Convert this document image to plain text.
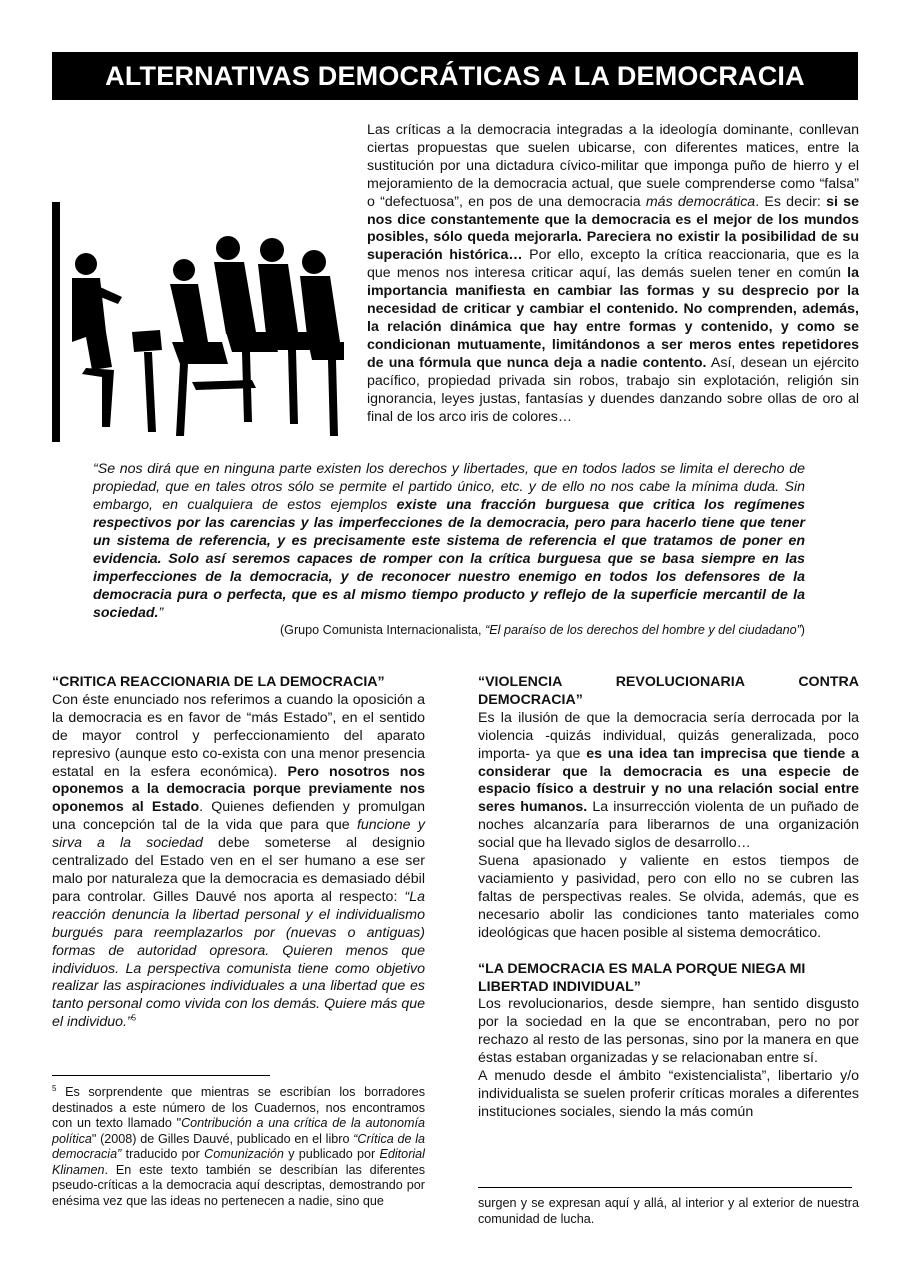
ALTERNATIVAS DEMOCRÁTICAS A LA DEMOCRACIA

Las críticas a la democracia integradas a la ideología dominante, conllevan ciertas propuestas que suelen ubicarse, con diferentes matices, entre la sustitución por una dictadura cívico-militar que imponga puño de hierro y el mejoramiento de la democracia actual, que suele comprenderse como “falsa” o “defectuosa”, en pos de una democracia más democrática. Es decir: si se nos dice constantemente que la democracia es el mejor de los mundos posibles, sólo queda mejorarla. Pareciera no existir la posibilidad de su superación histórica… Por ello, excepto la crítica reaccionaria, que es la que menos nos interesa criticar aquí, las demás suelen tener en común la importancia manifiesta en cambiar las formas y su desprecio por la necesidad de criticar y cambiar el contenido. No comprenden, además, la relación dinámica que hay entre formas y contenido, y como se condicionan mutuamente, limitándonos a ser meros entes repetidores de una fórmula que nunca deja a nadie contento. Así, desean un ejército pacífico, propiedad privada sin robos, trabajo sin explotación, religión sin ignorancia, leyes justas, fantasías y duendes danzando sobre ollas de oro al final de los arco iris de colores…

“Se nos dirá que en ninguna parte existen los derechos y libertades, que en todos lados se limita el derecho de propiedad, que en tales otros sólo se permite el partido único, etc. y de ello no nos cabe la mínima duda. Sin embargo, en cualquiera de estos ejemplos existe una fracción burguesa que critica los regímenes respectivos por las carencias y las imperfecciones de la democracia, pero para hacerlo tiene que tener un sistema de referencia, y es precisamente este sistema de referencia el que tratamos de poner en evidencia. Solo así seremos capaces de romper con la crítica burguesa que se basa siempre en las imperfecciones de la democracia, y de reconocer nuestro enemigo en todos los defensores de la democracia pura o perfecta, que es al mismo tiempo producto y reflejo de la superficie mercantil de la sociedad.”

(Grupo Comunista Internacionalista, “El paraíso de los derechos del hombre y del ciudadano”)

“CRITICA REACCIONARIA DE LA DEMOCRACIA”

Con éste enunciado nos referimos a cuando la oposición a la democracia es en favor de “más Estado”, en el sentido de mayor control y perfeccionamiento del aparato represivo (aunque esto co-exista con una menor presencia estatal en la esfera económica). Pero nosotros nos oponemos a la democracia porque previamente nos oponemos al Estado. Quienes defienden y promulgan una concepción tal de la vida que para que funcione y sirva a la sociedad debe someterse al designio centralizado del Estado ven en el ser humano a ese ser malo por naturaleza que la democracia es demasiado débil para controlar. Gilles Dauvé nos aporta al respecto: “La reacción denuncia la libertad personal y el individualismo burgués para reemplazarlos por (nuevas o antiguas) formas de autoridad opresora. Quieren menos que individuos. La perspectiva comunista tiene como objetivo realizar las aspiraciones individuales a una libertad que es tanto personal como vivida con los demás. Quiere más que el individuo.”$^5$

$^5$ Es sorprendente que mientras se escribían los borradores destinados a este número de los Cuadernos, nos encontramos con un texto llamado "Contribución a una crítica de la autonomía política" (2008) de Gilles Dauvé, publicado en el libro “Crítica de la democracia” traducido por Comunización y publicado por Editorial Klinamen. En este texto también se describían las diferentes pseudo-críticas a la democracia aquí descriptas, demostrando por enésima vez que las ideas no pertenecen a nadie, sino que

“VIOLENCIA	REVOLUCIONARIA	CONTRA
DEMOCRACIA”

Es la ilusión de que la democracia sería derrocada por la violencia -quizás individual, quizás generalizada, poco importa- ya que es una idea tan imprecisa que tiende a considerar que la democracia es una especie de espacio físico a destruir y no una relación social entre seres humanos. La insurrección violenta de un puñado de noches alcanzaría para liberarnos de una organización social que ha llevado siglos de desarrollo…

Suena apasionado y valiente en estos tiempos de vaciamiento y pasividad, pero con ello no se cubren las faltas de perspectivas reales. Se olvida, además, que es necesario abolir las condiciones tanto materiales como ideológicas que hacen posible al sistema democrático.

“LA DEMOCRACIA ES MALA PORQUE NIEGA MI LIBERTAD INDIVIDUAL”

Los revolucionarios, desde siempre, han sentido disgusto por la sociedad en la que se encontraban, pero no por rechazo al resto de las personas, sino por la manera en que éstas estaban organizadas y se relacionaban entre sí.

A menudo desde el ámbito “existencialista”, libertario y/o individualista se suelen proferir críticas morales a diferentes instituciones sociales, siendo la más común

surgen y se expresan aquí y allá, al interior y al exterior de nuestra comunidad de lucha.
